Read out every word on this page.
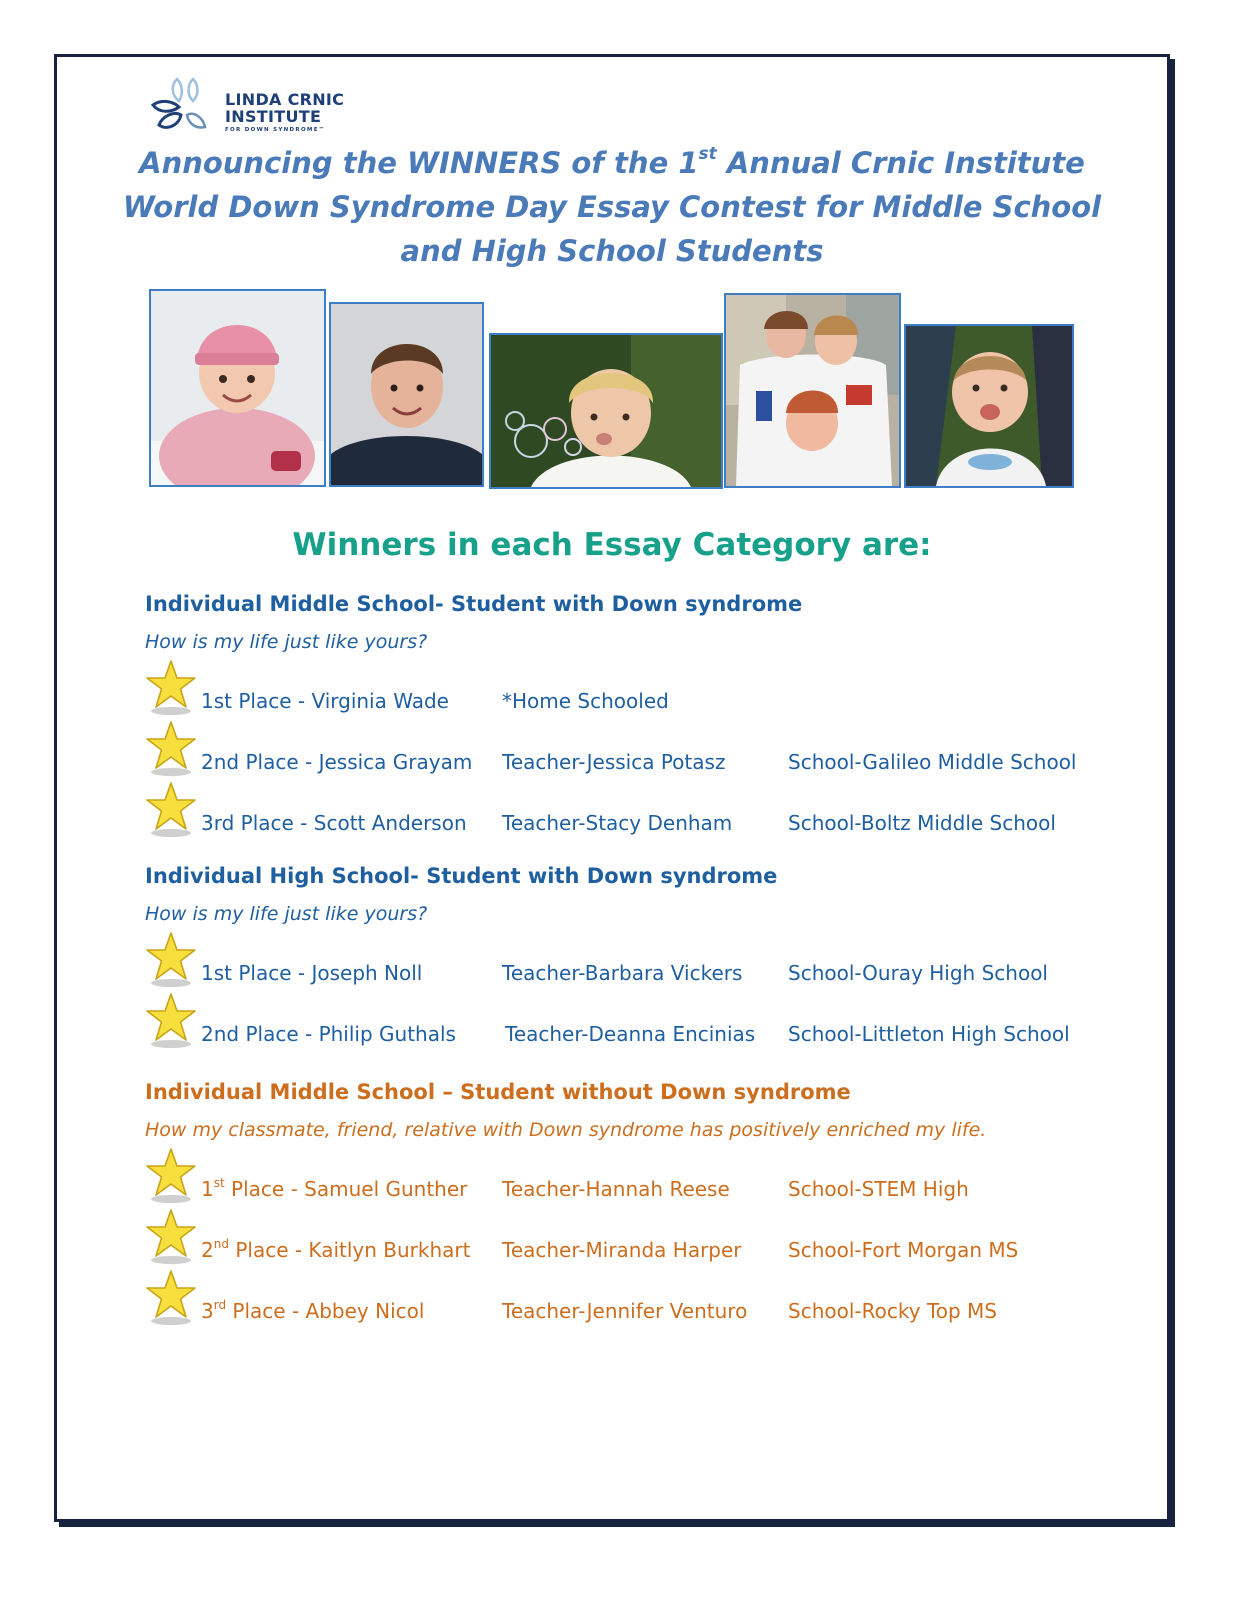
LINDA CRNIC
INSTITUTE
FOR DOWN SYNDROME™
Announcing the WINNERS of the 1st Annual Crnic Institute
World Down Syndrome Day Essay Contest for Middle School
and High School Students
Winners in each Essay Category are:
Individual Middle School- Student with Down syndrome
How is my life just like yours?
1st Place - Virginia Wade	*Home Schooled
2nd Place - Jessica Grayam Teacher-Jessica Potasz	School-Galileo Middle School
3rd Place - Scott Anderson Teacher-Stacy Denham	School-Boltz Middle School
Individual High School- Student with Down syndrome
How is my life just like yours?
1st Place - Joseph Noll	Teacher-Barbara Vickers School-Ouray High School
2nd Place - Philip Guthals Teacher-Deanna Encinias School-Littleton High School
Individual Middle School – Student without Down syndrome
How my classmate, friend, relative with Down syndrome has positively enriched my life.
1st Place - Samuel Gunther Teacher-Hannah Reese	School-STEM High
2nd Place - Kaitlyn Burkhart Teacher-Miranda Harper School-Fort Morgan MS
3rd Place - Abbey Nicol	Teacher-Jennifer Venturo School-Rocky Top MS
